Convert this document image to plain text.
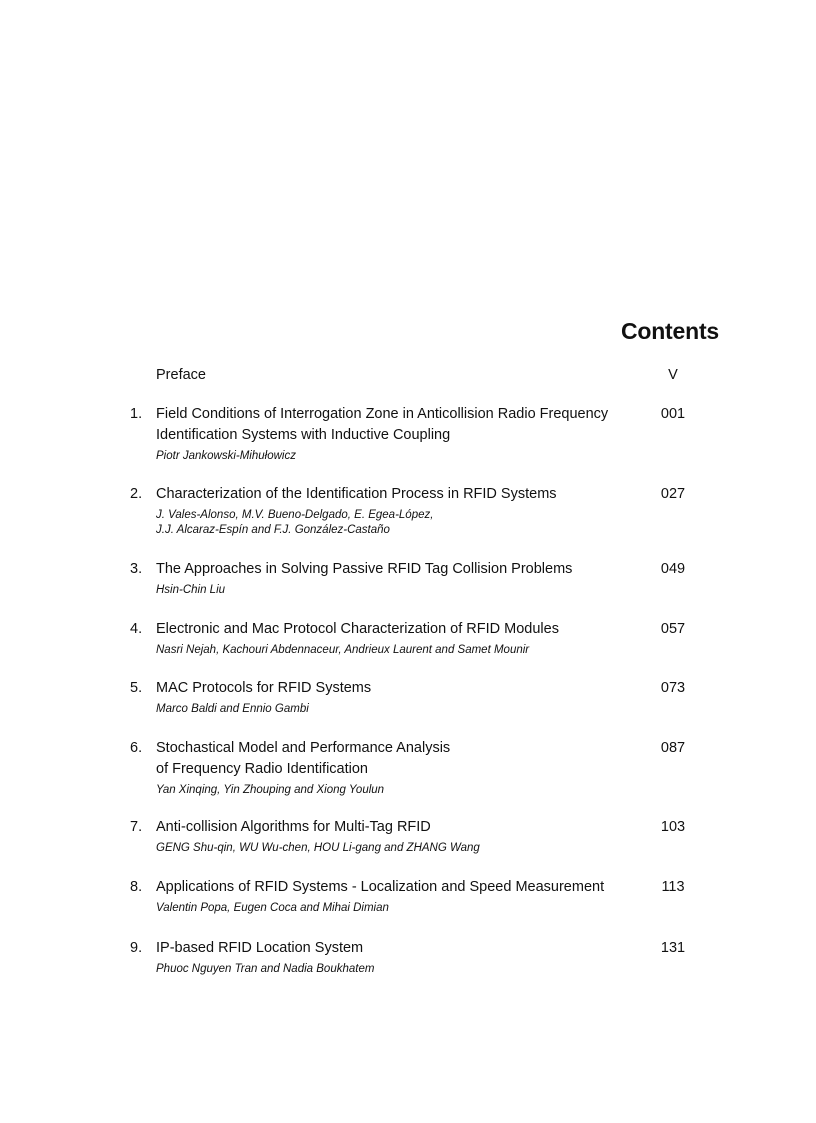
Contents
Preface	V
1. Field Conditions of Interrogation Zone in Anticollision Radio Frequency
Identification Systems with Inductive Coupling
Piotr Jankowski-Mihułowicz
001
2. Characterization of the Identification Process in RFID Systems
J. Vales-Alonso, M.V. Bueno-Delgado, E. Egea-López,
J.J. Alcaraz-Espín and F.J. González-Castaño
027
3. The Approaches in Solving Passive RFID Tag Collision Problems
Hsin-Chin Liu
049
4. Electronic and Mac Protocol Characterization of RFID Modules
Nasri Nejah, Kachouri Abdennaceur, Andrieux Laurent and Samet Mounir
057
5. MAC Protocols for RFID Systems
Marco Baldi and Ennio Gambi
073
6. Stochastical Model and Performance Analysis
of Frequency Radio Identification
Yan Xinqing, Yin Zhouping and Xiong Youlun
087
7. Anti-collision Algorithms for Multi-Tag RFID
GENG Shu-qin, WU Wu-chen, HOU Li-gang and ZHANG Wang
103
8. Applications of RFID Systems - Localization and Speed Measurement
Valentin Popa, Eugen Coca and Mihai Dimian
113
9. IP-based RFID Location System
Phuoc Nguyen Tran and Nadia Boukhatem
131
